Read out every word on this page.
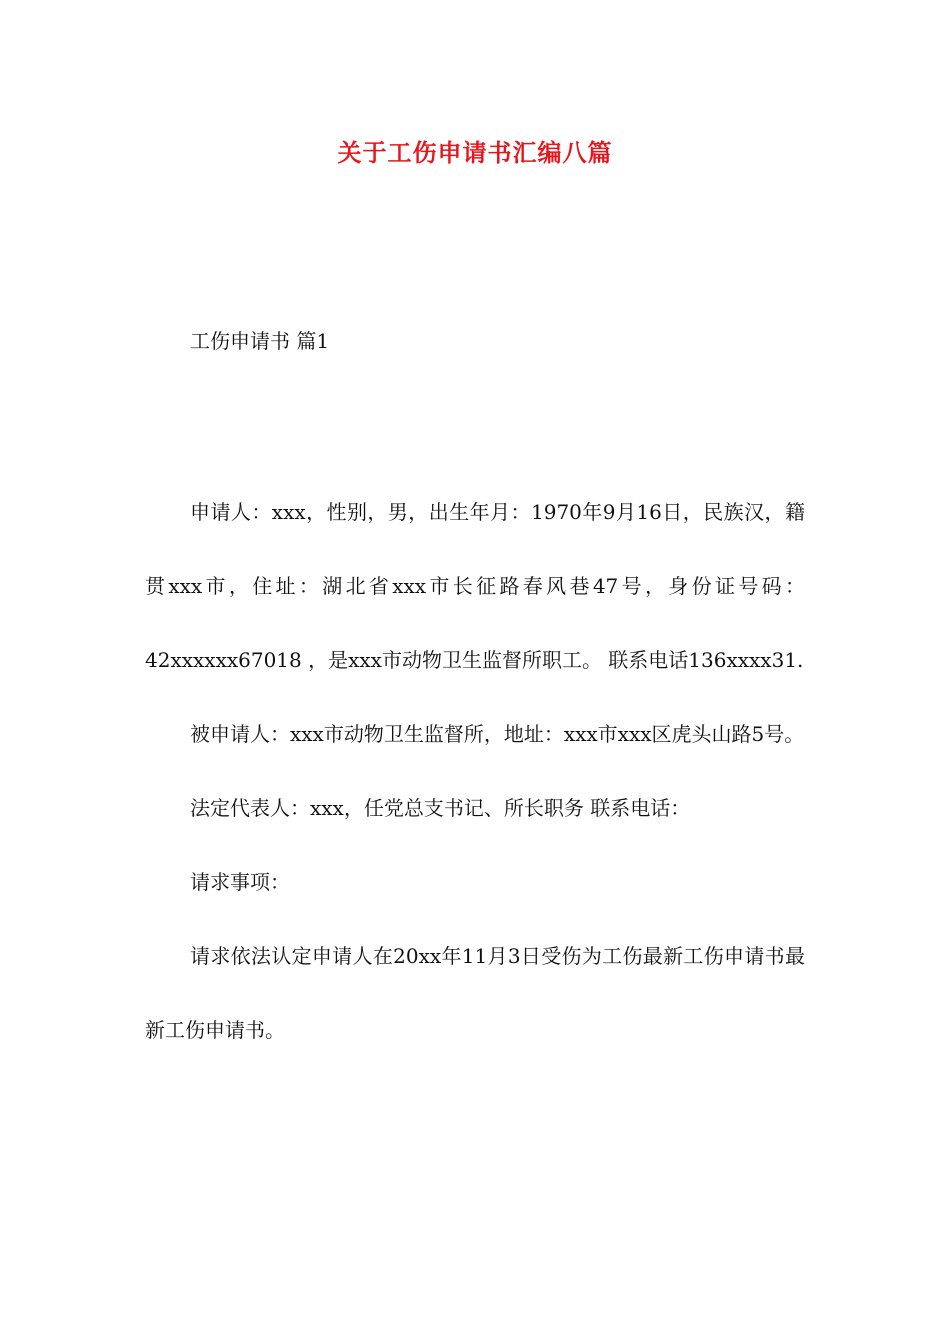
关于工伤申请书汇编八篇
工伤申请书 篇1

申请人：xxx，性别，男，出生年月：1970年9月16日，民族汉，籍贯xxx市，住址：湖北省xxx市长征路春风巷47号，身份证号码： 42xxxxxx67018 ，是xxx市动物卫生监督所职工。 联系电话136xxxx31.

被申请人：xxx市动物卫生监督所，地址：xxx市xxx区虎头山路5号。

法定代表人：xxx，任党总支书记、所长职务 联系电话：

请求事项：

请求依法认定申请人在20xx年11月3日受伤为工伤最新工伤申请书最新工伤申请书。
